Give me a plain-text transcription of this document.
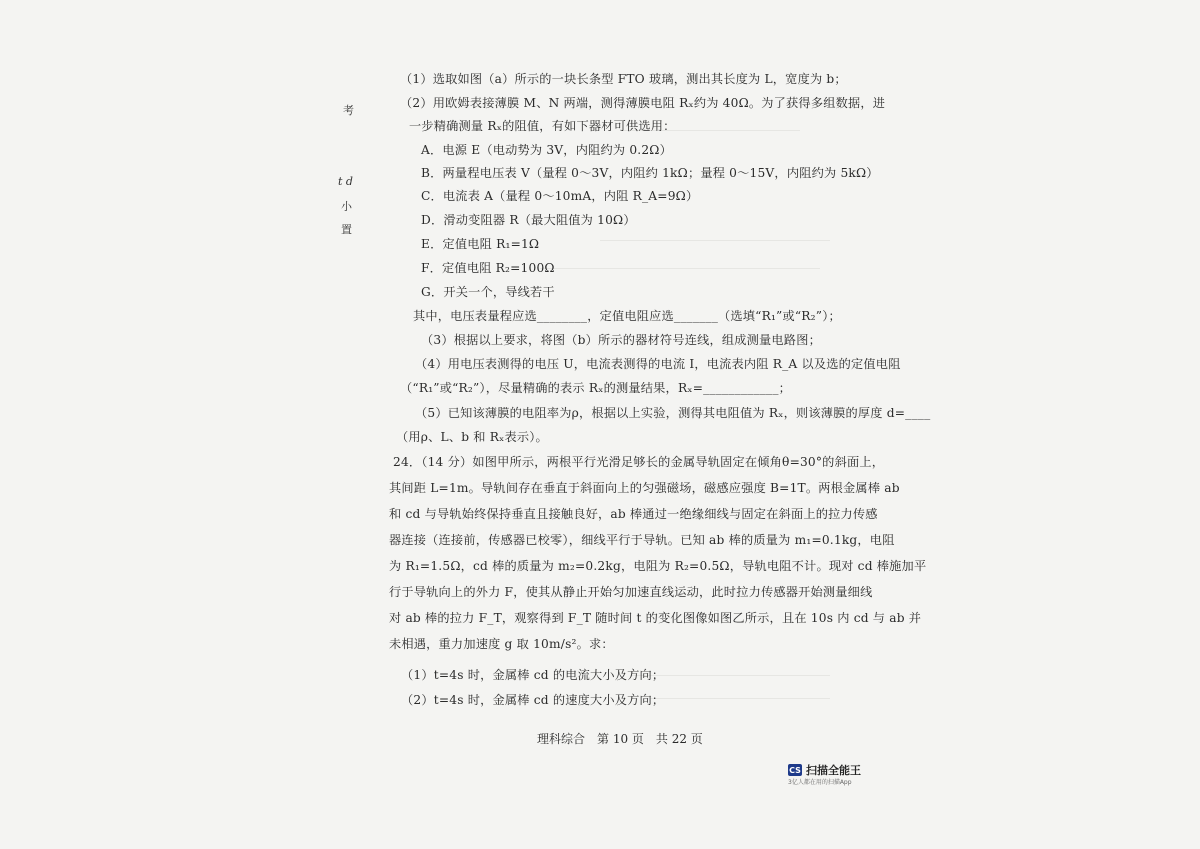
考
t d
小
置
（1）选取如图（a）所示的一块长条型 FTO 玻璃，测出其长度为 L，宽度为 b；
（2）用欧姆表接薄膜 M、N 两端，测得薄膜电阻 Rₓ约为 40Ω。为了获得多组数据，进
一步精确测量 Rₓ的阻值，有如下器材可供选用：
A．电源 E（电动势为 3V，内阻约为 0.2Ω）
B．两量程电压表 V（量程 0～3V，内阻约 1kΩ；量程 0～15V，内阻约为 5kΩ）
C．电流表 A（量程 0～10mA，内阻 R_A=9Ω）
D．滑动变阻器 R（最大阻值为 10Ω）
E．定值电阻 R₁=1Ω
F．定值电阻 R₂=100Ω
G．开关一个，导线若干
其中，电压表量程应选________，定值电阻应选_______（选填“R₁”或“R₂”）；
（3）根据以上要求，将图（b）所示的器材符号连线，组成测量电路图；
（4）用电压表测得的电压 U，电流表测得的电流 I，电流表内阻 R_A 以及选的定值电阻
（“R₁”或“R₂”），尽量精确的表示 Rₓ的测量结果，Rₓ=____________；
（5）已知该薄膜的电阻率为ρ，根据以上实验，测得其电阻值为 Rₓ，则该薄膜的厚度 d=____
（用ρ、L、b 和 Rₓ表示）。
24．（14 分）如图甲所示，两根平行光滑足够长的金属导轨固定在倾角θ=30°的斜面上，
其间距 L=1m。导轨间存在垂直于斜面向上的匀强磁场，磁感应强度 B=1T。两根金属棒 ab
和 cd 与导轨始终保持垂直且接触良好，ab 棒通过一绝缘细线与固定在斜面上的拉力传感
器连接（连接前，传感器已校零），细线平行于导轨。已知 ab 棒的质量为 m₁=0.1kg，电阻
为 R₁=1.5Ω，cd 棒的质量为 m₂=0.2kg，电阻为 R₂=0.5Ω，导轨电阻不计。现对 cd 棒施加平
行于导轨向上的外力 F，使其从静止开始匀加速直线运动，此时拉力传感器开始测量细线
对 ab 棒的拉力 F_T，观察得到 F_T 随时间 t 的变化图像如图乙所示，且在 10s 内 cd 与 ab 并
未相遇，重力加速度 g 取 10m/s²。求：
（1）t=4s 时，金属棒 cd 的电流大小及方向；
（2）t=4s 时，金属棒 cd 的速度大小及方向；
理科综合　第 10 页　共 22 页
CS 扫描全能王
3亿人都在用的扫描App
